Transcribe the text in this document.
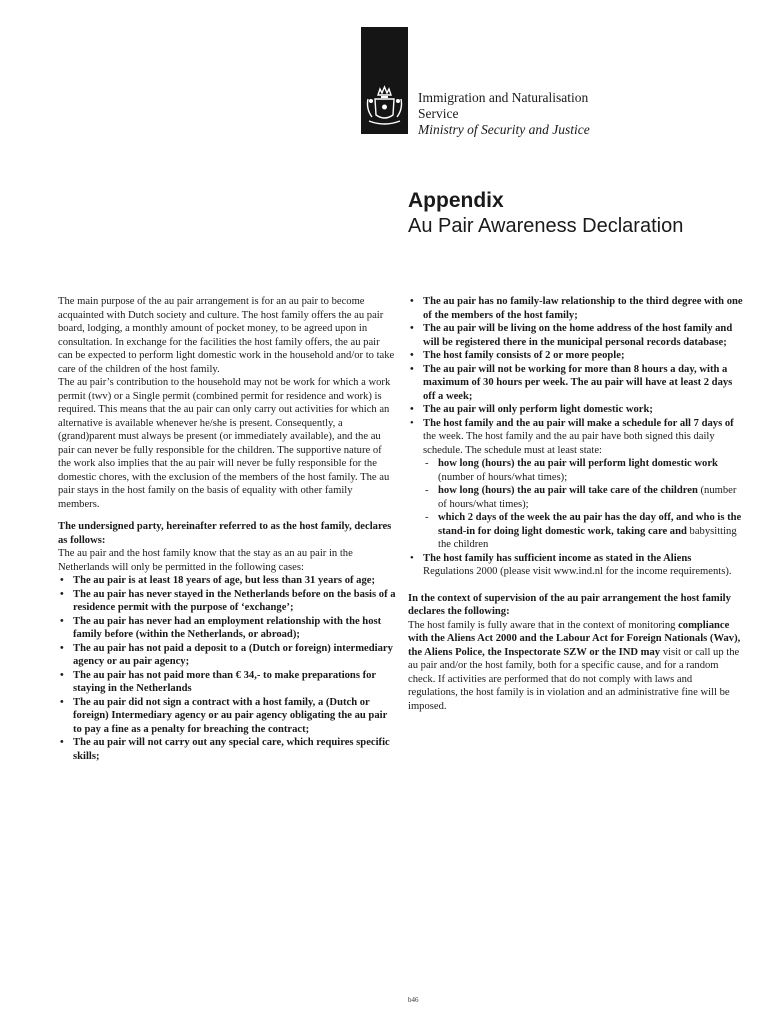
Immigration and Naturalisation
Service
Ministry of Security and Justice
Appendix
Au Pair Awareness Declaration

The main purpose of the au pair arrangement is for an au pair to become acquainted with Dutch society and culture. The host family offers the au pair board, lodging, a monthly amount of pocket money, to be agreed upon in consultation. In exchange for the facilities the host family offers, the au pair can be expected to perform light domestic work in the household and/or to take care of the children of the host family.

The au pair’s contribution to the household may not be work for which a work permit (twv) or a Single permit (combined permit for residence and work) is required. This means that the au pair can only carry out activities for which an alternative is available whenever he/she is present. Consequently, a (grand)parent must always be present (or immediately available), and the au pair can never be fully responsible for the children. The supportive nature of the work also implies that the au pair will never be fully responsible for the domestic chores, with the exclusion of the members of the host family. The au pair stays in the host family on the basis of equality with other family members.

The undersigned party, hereinafter referred to as the host family, declares as follows:

The au pair and the host family know that the stay as an au pair in the Netherlands will only be permitted in the following cases:

• The au pair is at least 18 years of age, but less than 31 years of age;
• The au pair has never stayed in the Netherlands before on the basis of a residence permit with the purpose of ‘exchange’;
• The au pair has never had an employment relationship with the host family before (within the Netherlands, or abroad);
• The au pair has not paid a deposit to a (Dutch or foreign) intermediary agency or au pair agency;
• The au pair has not paid more than € 34,- to make preparations for staying in the Netherlands
• The au pair did not sign a contract with a host family, a (Dutch or foreign) Intermediary agency or au pair agency obligating the au pair to pay a fine as a penalty for breaching the contract;
• The au pair will not carry out any special care, which requires specific skills;
• The au pair has no family-law relationship to the third degree with one of the members of the host family;
• The au pair will be living on the home address of the host family and will be registered there in the municipal personal records database;
• The host family consists of 2 or more people;
• The au pair will not be working for more than 8 hours a day, with a maximum of 30 hours per week. The au pair will have at least 2 days off a week;
• The au pair will only perform light domestic work;
• The host family and the au pair will make a schedule for all 7 days of the week. The host family and the au pair have both signed this daily schedule. The schedule must at least state:
- how long (hours) the au pair will perform light domestic work (number of hours/what times);
- how long (hours) the au pair will take care of the children (number of hours/what times);
- which 2 days of the week the au pair has the day off, and who is the stand-in for doing light domestic work, taking care and babysitting the children
• The host family has sufficient income as stated in the Aliens Regulations 2000 (please visit www.ind.nl for the income requirements).

In the context of supervision of the au pair arrangement the host family declares the following:

The host family is fully aware that in the context of monitoring compliance with the Aliens Act 2000 and the Labour Act for Foreign Nationals (Wav), the Aliens Police, the Inspectorate SZW or the IND may visit or call up the au pair and/or the host family, both for a specific cause, and for a random check. If activities are performed that do not comply with laws and regulations, the host family is in violation and an administrative fine will be imposed.

b46
